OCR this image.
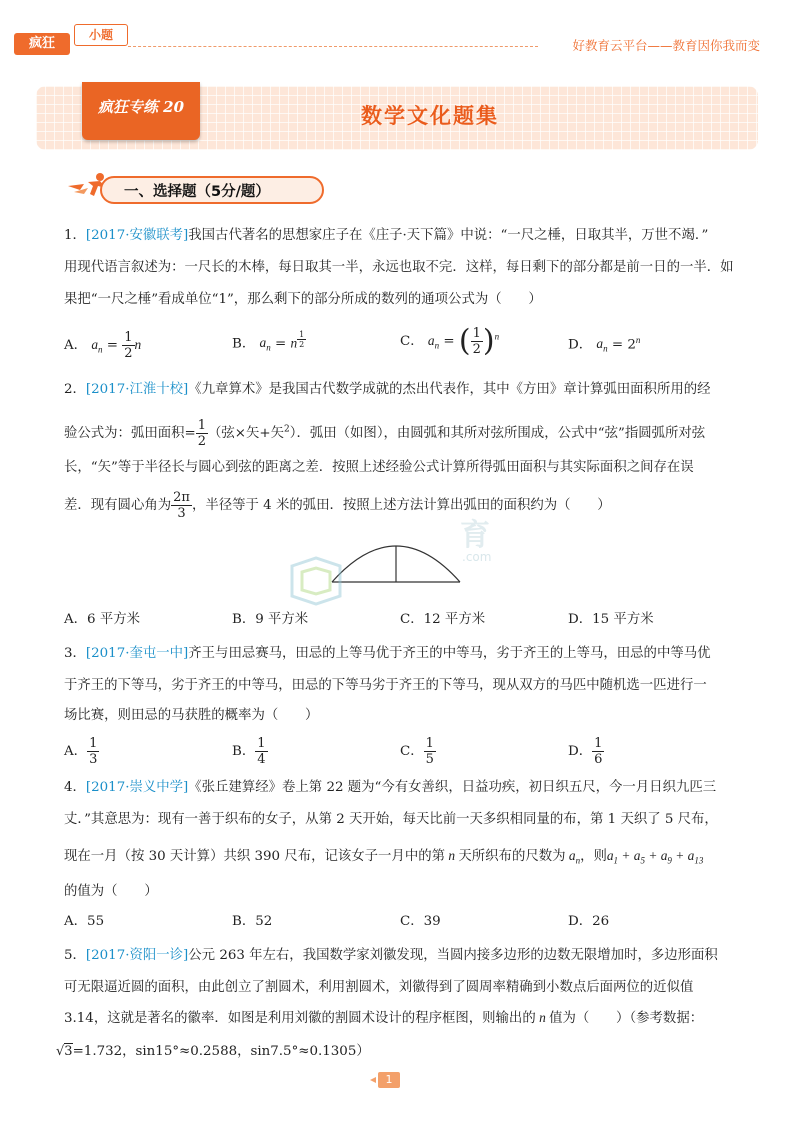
疯狂
小题
好教育云平台——教育因你我而变
疯狂专练 20	数学文化题集
一、选择题（5分/题）
1．[2017·安徽联考]我国古代著名的思想家庄子在《庄子·天下篇》中说：“一尺之棰，日取其半，万世不竭．”
用现代语言叙述为：一尺长的木棒，每日取其一半，永远也取不完．这样，每日剩下的部分都是前一日的一半．如
果把“一尺之棰”看成单位“1”，那么剩下的部分所成的数列的通项公式为（　　）
A． $a_n = \frac{1}{2}$ n	B． $a_n = n$ $^{\frac{1}{2}}$	C． $a_n$ = ( $\frac{1}{2} )^n$
D． $a_n = 2^n$
2．[2017·江淮十校]《九章算术》是我国古代数学成就的杰出代表作，其中《方田》章计算弧田面积所用的经
验公式为：弧田面积= $\frac{1}{2}$ （弦×矢+矢$^2$）．弧田（如图），由圆弧和其所对弦所围成，公式中“弦”指圆弧所对弦
长，“矢”等于半径长与圆心到弦的距离之差．按照上述经验公式计算所得弧田面积与其实际面积之间存在误
差．现有圆心角为 $\frac{2\pi}{3}$ ，半径等于 4 米的弧田．按照上述方法计算出弧田的面积约为（　　）
育
.com
A．6 平方米	B．9 平方米	C．12 平方米	D．15 平方米
3．[2017·奎屯一中]齐王与田忌赛马，田忌的上等马优于齐王的中等马，劣于齐王的上等马，田忌的中等马优
于齐王的下等马，劣于齐王的中等马，田忌的下等马劣于齐王的下等马，现从双方的马匹中随机选一匹进行一
场比赛，则田忌的马获胜的概率为（　　）
A． $\frac{1}{3}$	B． $\frac{1}{4}$	C． $\frac{1}{5}$	D． $\frac{1}{6}$
4．[2017·崇义中学]《张丘建算经》卷上第 22 题为“今有女善织，日益功疾，初日织五尺，今一月日织九匹三
丈．”其意思为：现有一善于织布的女子，从第 2 天开始，每天比前一天多织相同量的布，第 1 天织了 5 尺布，
现在一月（按 30 天计算）共织 390 尺布，记该女子一月中的第 n 天所织布的尺数为 $a_n$，则$a_1 + a_5 + a_9 + a_{13}$
的值为（　　）
A．55	B．52	C．39	D．26
5．[2017·资阳一诊]公元 263 年左右，我国数学家刘徽发现，当圆内接多边形的边数无限增加时，多边形面积
可无限逼近圆的面积，由此创立了割圆术，利用割圆术，刘徽得到了圆周率精确到小数点后面两位的近似值
3.14，这就是著名的徽率．如图是利用刘徽的割圆术设计的程序框图，则输出的 n 值为（　　）（参考数据：
√3=1.732，sin15°≈0.2588，sin7.5°≈0.1305）
1
